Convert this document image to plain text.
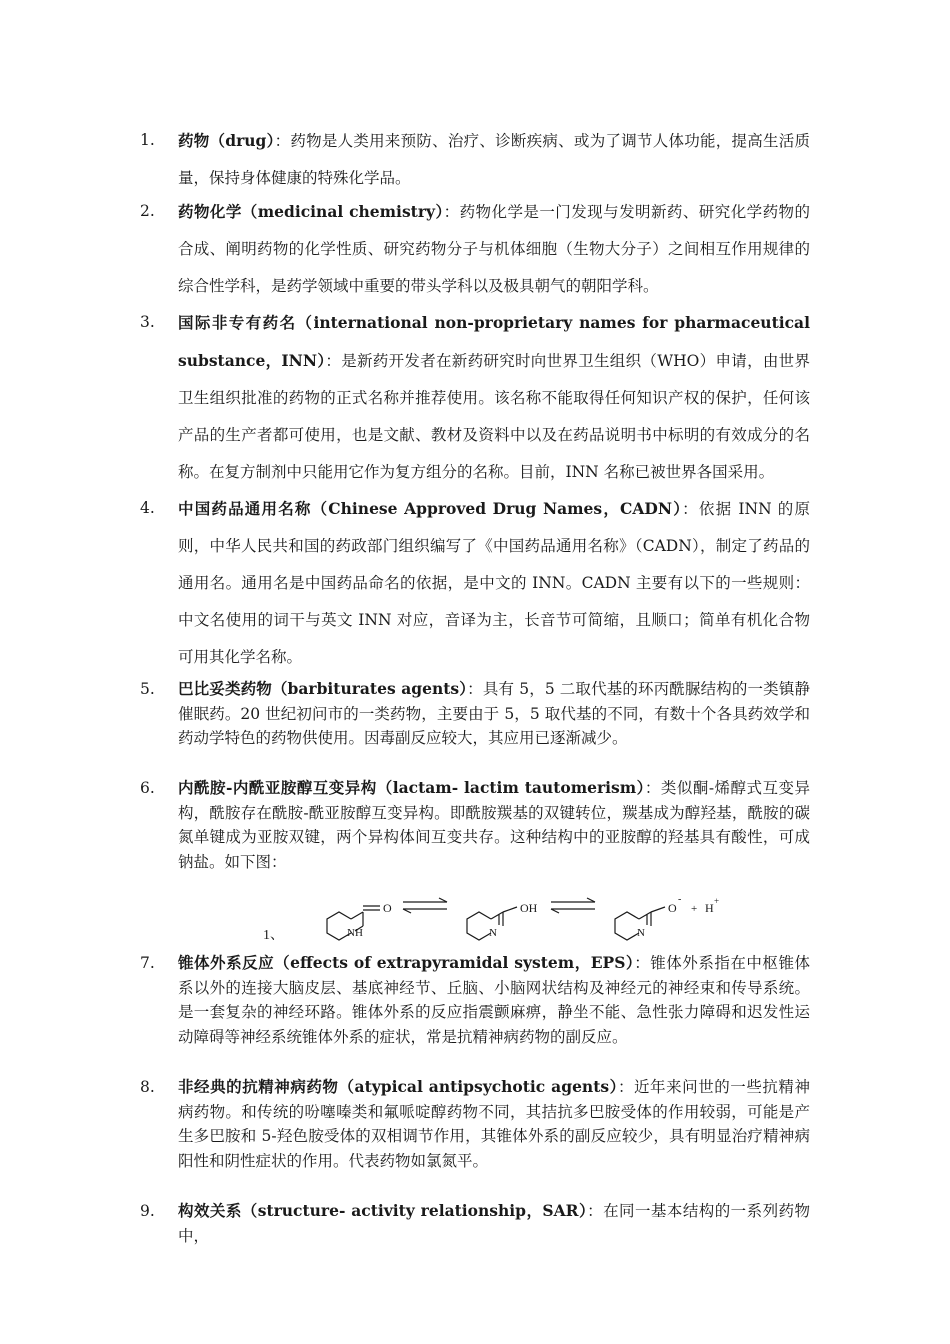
1.	药物（drug）：药物是人类用来预防、治疗、诊断疾病、或为了调节人体功能，提高生活质量，保持身体健康的特殊化学品。
2.	药物化学（medicinal chemistry）：药物化学是一门发现与发明新药、研究化学药物的合成、阐明药物的化学性质、研究药物分子与机体细胞（生物大分子）之间相互作用规律的综合性学科，是药学领域中重要的带头学科以及极具朝气的朝阳学科。
3.	国际非专有药名（international non-proprietary names for pharmaceutical substance，INN）：是新药开发者在新药研究时向世界卫生组织（WHO）申请，由世界卫生组织批准的药物的正式名称并推荐使用。该名称不能取得任何知识产权的保护，任何该产品的生产者都可使用，也是文献、教材及资料中以及在药品说明书中标明的有效成分的名称。在复方制剂中只能用它作为复方组分的名称。目前，INN 名称已被世界各国采用。
4.	中国药品通用名称（Chinese Approved Drug Names，CADN）：依据 INN 的原则，中华人民共和国的药政部门组织编写了《中国药品通用名称》（CADN），制定了药品的通用名。通用名是中国药品命名的依据，是中文的 INN。CADN 主要有以下的一些规则：中文名使用的词干与英文 INN 对应，音译为主，长音节可简缩，且顺口；简单有机化合物可用其化学名称。
5.	巴比妥类药物（barbiturates agents）：具有 5，5 二取代基的环丙酰脲结构的一类镇静催眠药。20 世纪初问市的一类药物，主要由于 5，5 取代基的不同，有数十个各具药效学和药动学特色的药物供使用。因毒副反应较大，其应用已逐渐减少。
6.	内酰胺-内酰亚胺醇互变异构（lactam- lactim tautomerism）：类似酮-烯醇式互变异构，酰胺存在酰胺-酰亚胺醇互变异构。即酰胺羰基的双键转位，羰基成为醇羟基，酰胺的碳氮单键成为亚胺双键，两个异构体间互变共存。这种结构中的亚胺醇的羟基具有酸性，可成钠盐。如下图：
1、
O
NH
OH
N
O
-
N
+ H +
7.	锥体外系反应（effects of extrapyramidal system，EPS）：锥体外系指在中枢锥体系以外的连接大脑皮层、基底神经节、丘脑、小脑网状结构及神经元的神经束和传导系统。是一套复杂的神经环路。锥体外系的反应指震颤麻痹，静坐不能、急性张力障碍和迟发性运动障碍等神经系统锥体外系的症状，常是抗精神病药物的副反应。
8.	非经典的抗精神病药物（atypical antipsychotic agents）：近年来问世的一些抗精神病药物。和传统的吩噻嗪类和氟哌啶醇药物不同，其拮抗多巴胺受体的作用较弱，可能是产生多巴胺和 5-羟色胺受体的双相调节作用，其锥体外系的副反应较少，具有明显治疗精神病阳性和阴性症状的作用。代表药物如氯氮平。
9.	构效关系（structure- activity relationship，SAR）：在同一基本结构的一系列药物中，
